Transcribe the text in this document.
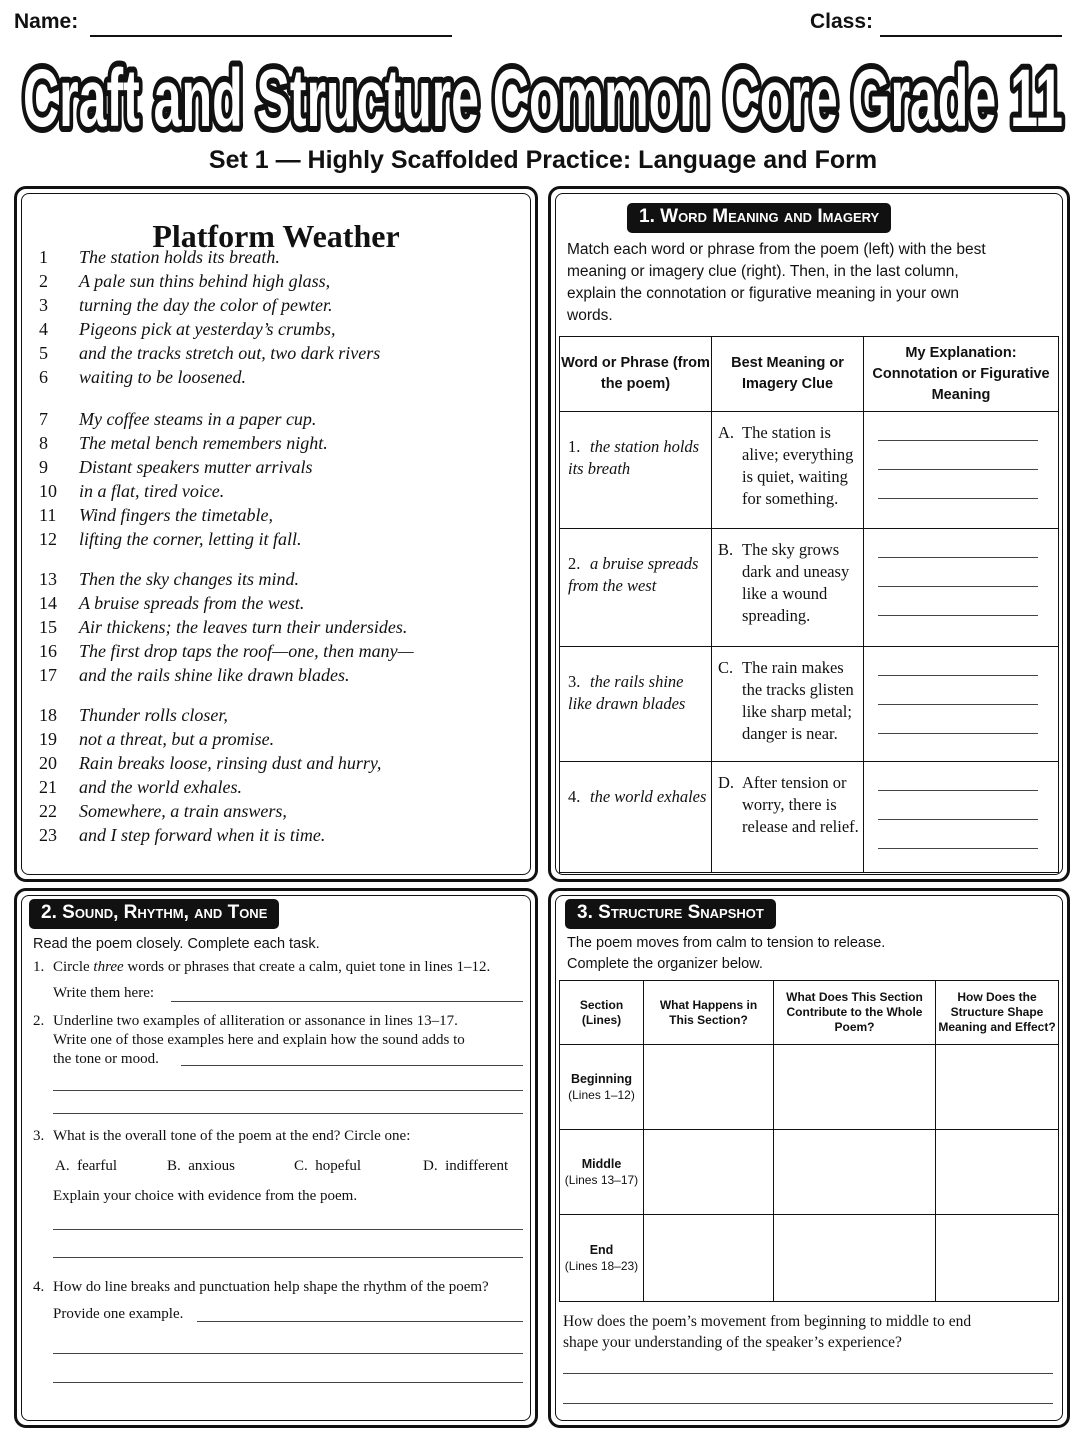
Name:	Class:
Craft and Structure Common Core Grade 11
Set 1 — Highly Scaffolded Practice: Language and Form
Platform Weather
1	The station holds its breath.
2	A pale sun thins behind high glass,
3	turning the day the color of pewter.
4	Pigeons pick at yesterday’s crumbs,
5	and the tracks stretch out, two dark rivers
6	waiting to be loosened.
7	My coffee steams in a paper cup.
8	The metal bench remembers night.
9	Distant speakers mutter arrivals
10	in a flat, tired voice.
11	Wind fingers the timetable,
12	lifting the corner, letting it fall.
13	Then the sky changes its mind.
14	A bruise spreads from the west.
15	Air thickens; the leaves turn their undersides.
16	The first drop taps the roof—one, then many—
17	and the rails shine like drawn blades.
18	Thunder rolls closer,
19	not a threat, but a promise.
20	Rain breaks loose, rinsing dust and hurry,
21	and the world exhales.
22	Somewhere, a train answers,
23	and I step forward when it is time.
1. Word Meaning and Imagery
Match each word or phrase from the poem (left) with the best meaning or imagery clue (right). Then, in the last column, explain the connotation or figurative meaning in your own words.
Word or Phrase (from the poem)	Best Meaning or Imagery Clue	My Explanation: Connotation or Figurative Meaning
1. the station holds its breath	A. The station is alive; everything is quiet, waiting for something.	

2. a bruise spreads from the west	B. The sky grows dark and uneasy like a wound spreading.	

3. the rails shine like drawn blades	C. The rain makes the tracks glisten like sharp metal; danger is near.	

4. the world exhales	D. After tension or worry, there is release and relief.	

2. Sound, Rhythm, and Tone
Read the poem closely. Complete each task.
1. Circle three words or phrases that create a calm, quiet tone in lines 1–12.
Write them here:
2. Underline two examples of alliteration or assonance in lines 13–17.
Write one of those examples here and explain how the sound adds to
the tone or mood.
3. What is the overall tone of the poem at the end? Circle one:
A.  fearful	B.  anxious	C.  hopeful	D.  indifferent
Explain your choice with evidence from the poem.
4. How do line breaks and punctuation help shape the rhythm of the poem?
Provide one example.
3. Structure Snapshot
The poem moves from calm to tension to release.
Complete the organizer below.
Section (Lines)	What Happens in This Section?	What Does This Section Contribute to the Whole Poem?	How Does the Structure Shape Meaning and Effect?

Beginning
(Lines 1–12)			

Middle
(Lines 13–17)			

End
(Lines 18–23)			
How does the poem’s movement from beginning to middle to end
shape your understanding of the speaker’s experience?
